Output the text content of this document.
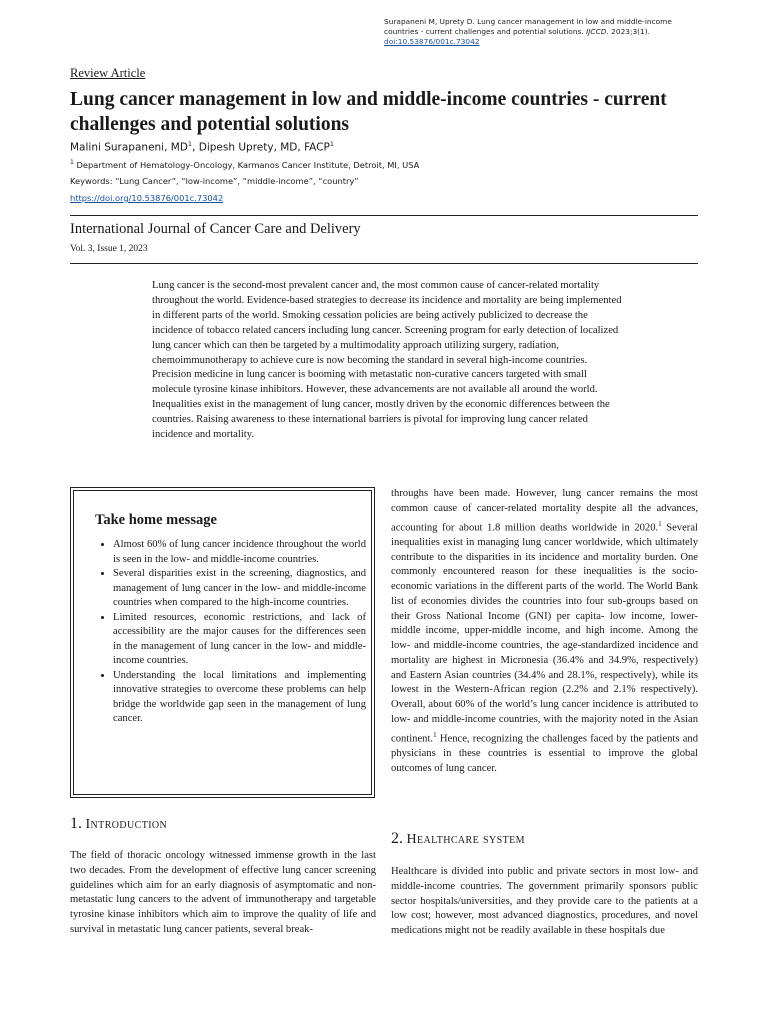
Surapaneni M, Uprety D. Lung cancer management in low and middle-income countries - current challenges and potential solutions. IJCCD. 2023;3(1).
doi:10.53876/001c.73042
Review Article
Lung cancer management in low and middle-income countries - current challenges and potential solutions
Malini Surapaneni, $MD^1$, Dipesh Uprety, MD, FACP$^1$
$^1$ Department of Hematology-Oncology, Karmanos Cancer Institute, Detroit, MI, USA
Keywords: “Lung Cancer”, “low-income”, “middle-income”, “country”
https://doi.org/10.53876/001c.73042
International Journal of Cancer Care and Delivery
Vol. 3, Issue 1, 2023

Lung cancer is the second-most prevalent cancer and, the most common cause of cancer-related mortality throughout the world. Evidence-based strategies to decrease its incidence and mortality are being implemented in different parts of the world. Smoking cessation policies are being actively publicized to decrease the incidence of tobacco related cancers including lung cancer. Screening program for early detection of localized lung cancer which can then be targeted by a multimodality approach utilizing surgery, radiation, chemoimmunotherapy to achieve cure is now becoming the standard in several high-income countries. Precision medicine in lung cancer is booming with metastatic non-curative cancers targeted with small molecule tyrosine kinase inhibitors. However, these advancements are not available all around the world. Inequalities exist in the management of lung cancer, mostly driven by the economic differences between the countries. Raising awareness to these international barriers is pivotal for improving lung cancer related incidence and mortality.

Take home message
• Almost 60% of lung cancer incidence throughout the world is seen in the low- and middle-income countries.
• Several disparities exist in the screening, diagnostics, and management of lung cancer in the low- and middle-income countries when compared to the high-income countries.
• Limited resources, economic restrictions, and lack of accessibility are the major causes for the differences seen in the management of lung cancer in the low- and middle-income countries.
• Understanding the local limitations and implementing innovative strategies to overcome these problems can help bridge the worldwide gap seen in the management of lung cancer.
1. Introduction

The field of thoracic oncology witnessed immense growth in the last two decades. From the development of effective lung cancer screening guidelines which aim for an early diagnosis of asymptomatic and non-metastatic lung cancers to the advent of immunotherapy and targetable tyrosine kinase inhibitors which aim to improve the quality of life and survival in metastatic lung cancer patients, several break-

throughs have been made. However, lung cancer remains the most common cause of cancer-related mortality despite all the advances, accounting for about 1.8 million deaths worldwide in 2020.$^1$ Several inequalities exist in managing lung cancer worldwide, which ultimately contribute to the disparities in its incidence and mortality burden. One commonly encountered reason for these inequalities is the socio-economic variations in the different parts of the world. The World Bank list of economies divides the countries into four sub-groups based on their Gross National Income (GNI) per capita- low income, lower-middle income, upper-middle income, and high income. Among the low- and middle-income countries, the age-standardized incidence and mortality are highest in Micronesia (36.4% and 34.9%, respectively) and Eastern Asian countries (34.4% and 28.1%, respectively), while its lowest in the Western-African region (2.2% and 2.1% respectively). Overall, about 60% of the world’s lung cancer incidence is attributed to low- and middle-income countries, with the majority noted in the Asian continent.$^1$ Hence, recognizing the challenges faced by the patients and physicians in these countries is essential to improve the global outcomes of lung cancer.

2. Healthcare system

Healthcare is divided into public and private sectors in most low- and middle-income countries. The government primarily sponsors public sector hospitals/universities, and they provide care to the patients at a low cost; however, most advanced diagnostics, procedures, and novel medications might not be readily available in these hospitals due
